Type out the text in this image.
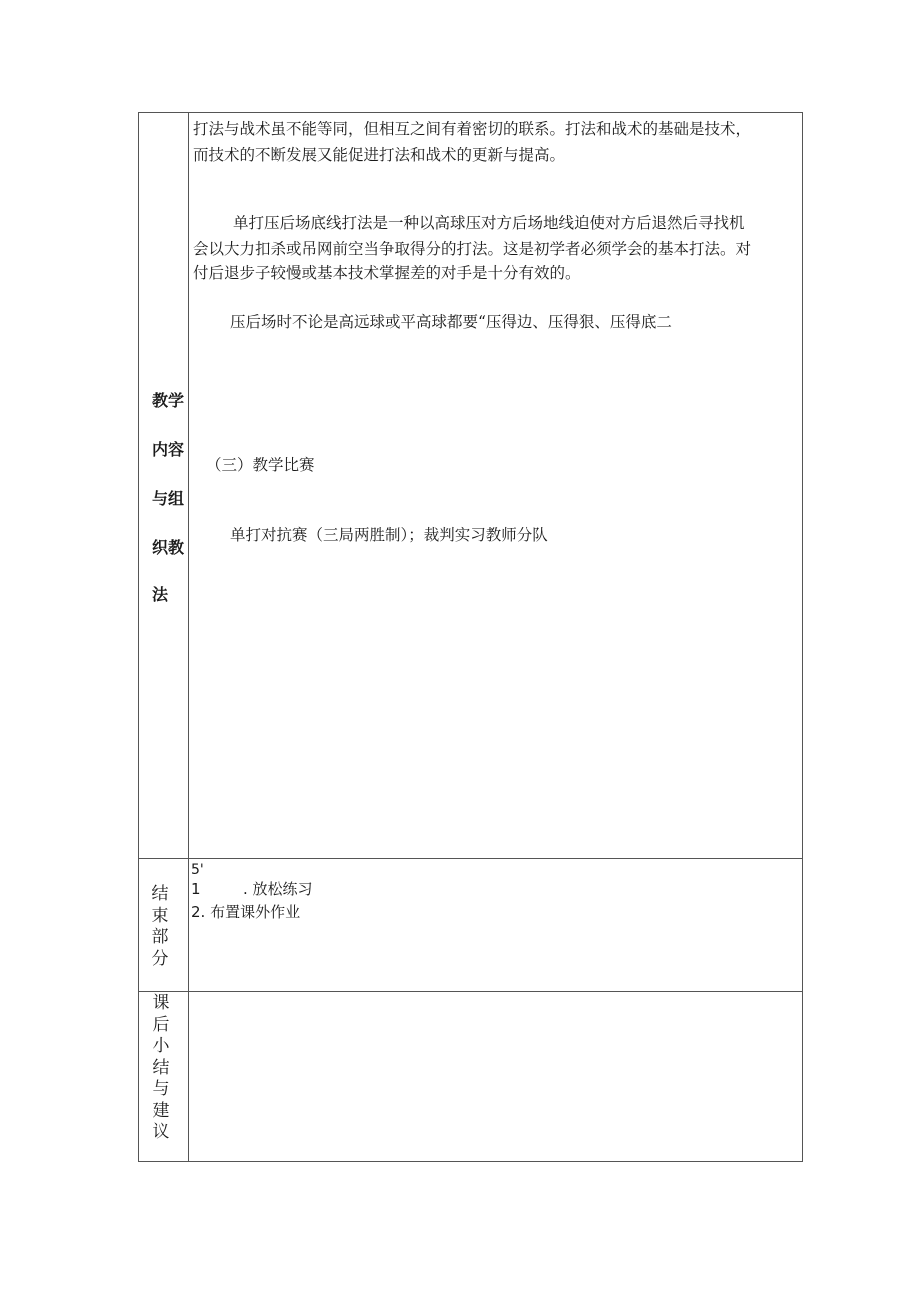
教学
内容
与组
织教
法
打法与战术虽不能等同，但相互之间有着密切的联系。打法和战术的基础是技术，
而技术的不断发展又能促进打法和战术的更新与提高。
单打压后场底线打法是一种以高球压对方后场地线迫使对方后退然后寻找机
会以大力扣杀或吊网前空当争取得分的打法。这是初学者必须学会的基本打法。对
付后退步子较慢或基本技术掌握差的对手是十分有效的。
压后场时不论是高远球或平高球都要“压得边、压得狠、压得底二
（三）教学比赛
单打对抗赛（三局两胜制）；裁判实习教师分队
结束部分
5'
1	. 放松练习
2. 布置课外作业
课后小结与建议
